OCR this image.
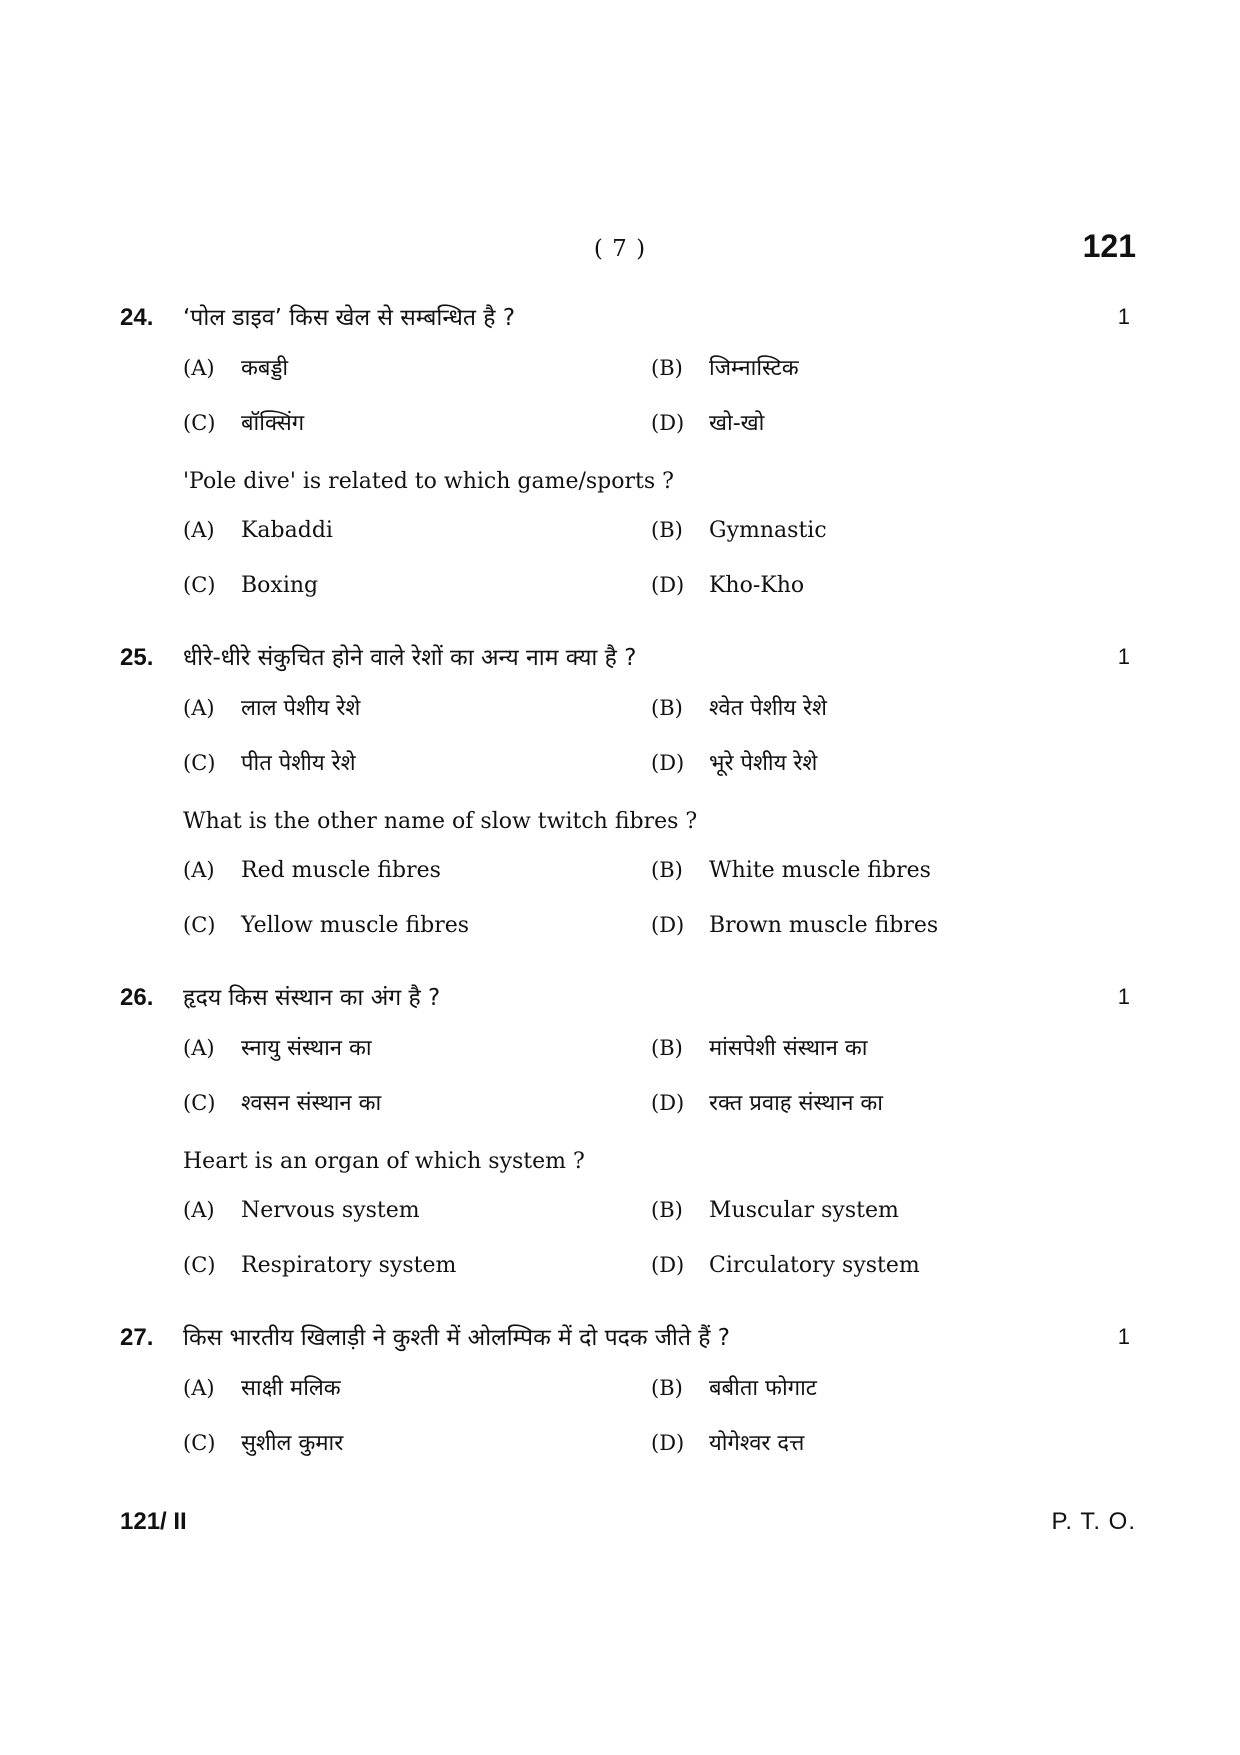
( 7 )	121
24. ‘पोल डाइव’ किस खेल से सम्बन्धित है ?	1
(A) कबड्डी	(B) जिम्नास्टिक
(C) बॉक्सिंग	(D) खो-खो
'Pole dive' is related to which game/sports ?
(A) Kabaddi	(B) Gymnastic
(C) Boxing	(D) Kho-Kho
25. धीरे-धीरे संकुचित होने वाले रेशों का अन्य नाम क्या है ?	1
(A) लाल पेशीय रेशे	(B) श्वेत पेशीय रेशे
(C) पीत पेशीय रेशे	(D) भूरे पेशीय रेशे
What is the other name of slow twitch fibres ?
(A) Red muscle fibres	(B) White muscle fibres
(C) Yellow muscle fibres	(D) Brown muscle fibres
26. हृदय किस संस्थान का अंग है ?	1
(A) स्नायु संस्थान का	(B) मांसपेशी संस्थान का
(C) श्वसन संस्थान का	(D) रक्त प्रवाह संस्थान का
Heart is an organ of which system ?
(A) Nervous system	(B) Muscular system
(C) Respiratory system	(D) Circulatory system
27. किस भारतीय खिलाड़ी ने कुश्ती में ओलम्पिक में दो पदक जीते हैं ?	1
(A) साक्षी मलिक	(B) बबीता फोगाट
(C) सुशील कुमार	(D) योगेश्वर दत्त
121/ II	P. T. O.
